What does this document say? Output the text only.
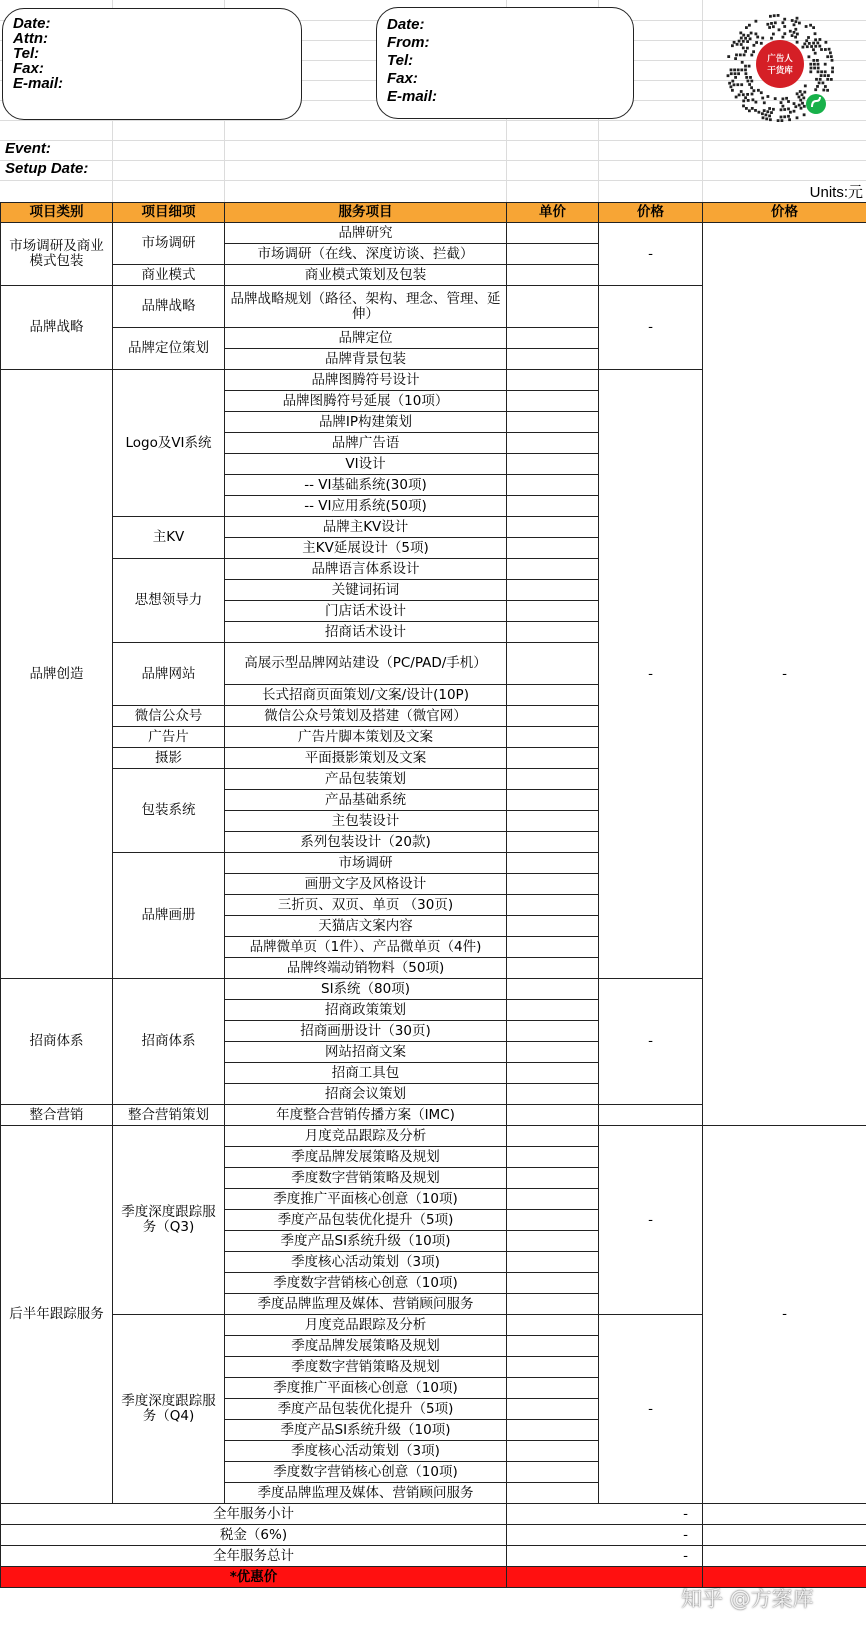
Date:
Attn:
Tel:
Fax:
E-mail:
Date:
From:
Tel:
Fax:
E-mail:
广告人
干货库
Event:
Setup Date:
Units:元
项目类别	项目细项	服务项目	单价	价格	价格
市场调研及商业模式包装	市场调研	品牌研究		-	-
		市场调研（在线、深度访谈、拦截）			
	商业模式	商业模式策划及包装			
品牌战略	品牌战略	品牌战略规划（路径、架构、理念、管理、延伸）		-	
	品牌定位策划	品牌定位			
		品牌背景包装			
品牌创造	Logo及VI系统	品牌图腾符号设计		-	
		品牌图腾符号延展（10项）			
		品牌IP构建策划			
		品牌广告语			
		VI设计			
		-- VI基础系统(30项)			
		-- VI应用系统(50项)			
	主KV	品牌主KV设计			
		主KV延展设计（5项)			
	思想领导力	品牌语言体系设计			
		关键词拓词			
		门店话术设计			
		招商话术设计			
	品牌网站	高展示型品牌网站建设（PC/PAD/手机）			
		长式招商页面策划/文案/设计(10P)			
	微信公众号	微信公众号策划及搭建（微官网）			
	广告片	广告片脚本策划及文案			
	摄影	平面摄影策划及文案			
	包装系统	产品包装策划			
		产品基础系统			
		主包装设计			
		系列包装设计（20款)			
	品牌画册	市场调研			
		画册文字及风格设计			
		三折页、双页、单页 （30页)			
		天猫店文案内容			
		品牌微单页（1件）、产品微单页（4件)			
		品牌终端动销物料（50项)			
招商体系	招商体系	SI系统（80项)		-	
		招商政策策划			
		招商画册设计（30页)			
		网站招商文案			
		招商工具包			
		招商会议策划			
整合营销	整合营销策划	年度整合营销传播方案（IMC)			
后半年跟踪服务	季度深度跟踪服务（Q3)	月度竞品跟踪及分析		-	-
		季度品牌发展策略及规划			
		季度数字营销策略及规划			
		季度推广平面核心创意（10项)			
		季度产品包装优化提升（5项)			
		季度产品SI系统升级（10项)			
		季度核心活动策划（3项)			
		季度数字营销核心创意（10项)			
		季度品牌监理及媒体、营销顾问服务			
	季度深度跟踪服务（Q4)	月度竞品跟踪及分析		-	
		季度品牌发展策略及规划			
		季度数字营销策略及规划			
		季度推广平面核心创意（10项)			
		季度产品包装优化提升（5项)			
		季度产品SI系统升级（10项)			
		季度核心活动策划（3项)			
		季度数字营销核心创意（10项)			
		季度品牌监理及媒体、营销顾问服务			
全年服务小计			-		
税金（6%)			-		
全年服务总计			-		
*优惠价					
知乎 @方案库
